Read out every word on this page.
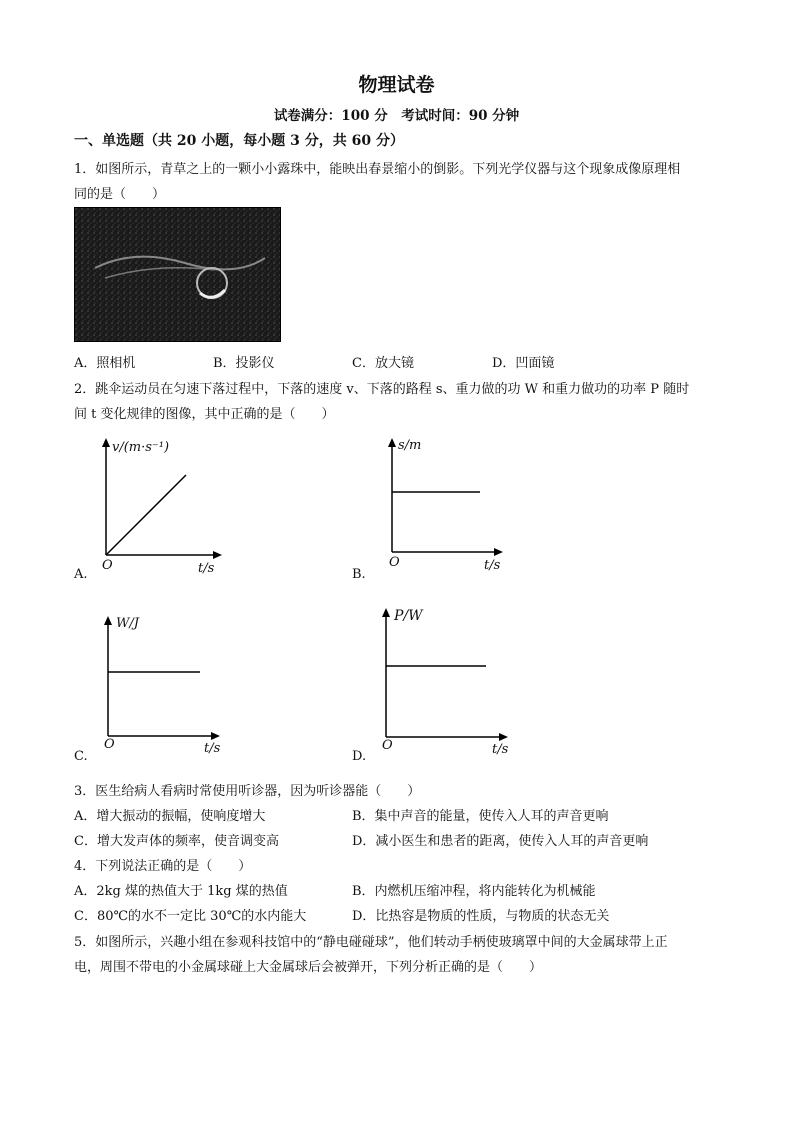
物理试卷
试卷满分：100 分　考试时间：90 分钟
一、单选题（共 20 小题，每小题 3 分，共 60 分）
1．如图所示，青草之上的一颗小小露珠中，能映出春景缩小的倒影。下列光学仪器与这个现象成像原理相
同的是（　　）
A．照相机	B．投影仪	C．放大镜	D．凹面镜
2．跳伞运动员在匀速下落过程中，下落的速度 v、下落的路程 s、重力做的功 W 和重力做功的功率 P 随时
间 t 变化规律的图像，其中正确的是（　　）
v/(m·s⁻¹)
O	t/s
A.
s/m
O	t/s
B.
W/J
O	t/s
C.
P/W
O	t/s
D.
3．医生给病人看病时常使用听诊器，因为听诊器能（　　）
A．增大振动的振幅，使响度增大	B．集中声音的能量，使传入人耳的声音更响
C．增大发声体的频率，使音调变高	D．减小医生和患者的距离，使传入人耳的声音更响
4．下列说法正确的是（　　）
A．2kg 煤的热值大于 1kg 煤的热值	B．内燃机压缩冲程，将内能转化为机械能
C．80℃的水不一定比 30℃的水内能大	D．比热容是物质的性质，与物质的状态无关
5．如图所示，兴趣小组在参观科技馆中的“静电碰碰球”，他们转动手柄使玻璃罩中间的大金属球带上正
电，周围不带电的小金属球碰上大金属球后会被弹开，下列分析正确的是（　　）
